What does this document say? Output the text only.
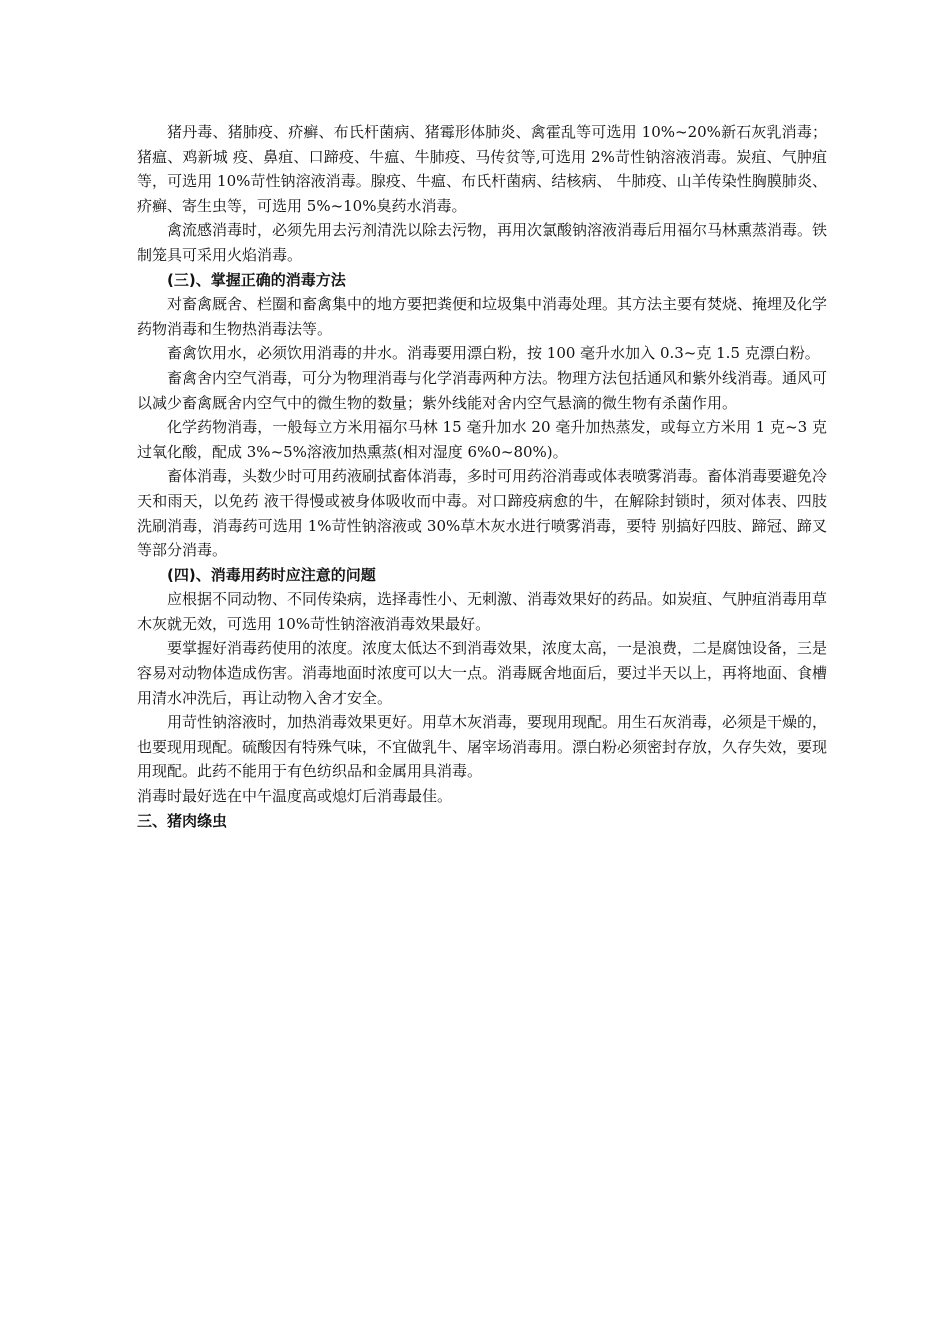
猪丹毒、猪肺疫、疥癣、布氏杆菌病、猪霉形体肺炎、禽霍乱等可选用 10%~20%新石灰乳消毒；猪瘟、鸡新城 疫、鼻疽、口蹄疫、牛瘟、牛肺疫、马传贫等,可选用 2%苛性钠溶液消毒。炭疽、气肿疽等，可选用 10%苛性钠溶液消毒。腺疫、牛瘟、布氏杆菌病、结核病、 牛肺疫、山羊传染性胸膜肺炎、疥癣、寄生虫等，可选用 5%~10%臭药水消毒。

禽流感消毒时，必须先用去污剂清洗以除去污物，再用次氯酸钠溶液消毒后用福尔马林熏蒸消毒。铁制笼具可采用火焰消毒。

(三)、掌握正确的消毒方法

对畜禽厩舍、栏圈和畜禽集中的地方要把粪便和垃圾集中消毒处理。其方法主要有焚烧、掩埋及化学药物消毒和生物热消毒法等。

畜禽饮用水，必须饮用消毒的井水。消毒要用漂白粉，按 100 毫升水加入 0.3~克 1.5 克漂白粉。

畜禽舍内空气消毒，可分为物理消毒与化学消毒两种方法。物理方法包括通风和紫外线消毒。通风可以减少畜禽厩舍内空气中的微生物的数量；紫外线能对舍内空气悬滴的微生物有杀菌作用。

化学药物消毒，一般每立方米用福尔马林 15 毫升加水 20 毫升加热蒸发，或每立方米用 1 克~3 克过氧化酸，配成 3%~5%溶液加热熏蒸(相对湿度 6%0~80%)。

畜体消毒，头数少时可用药液刷拭畜体消毒，多时可用药浴消毒或体表喷雾消毒。畜体消毒要避免冷天和雨天，以免药 液干得慢或被身体吸收而中毒。对口蹄疫病愈的牛，在解除封锁时，须对体表、四肢洗刷消毒，消毒药可选用 1%苛性钠溶液或 30%草木灰水进行喷雾消毒，要特 别搞好四肢、蹄冠、蹄叉等部分消毒。

(四)、消毒用药时应注意的问题

应根据不同动物、不同传染病，选择毒性小、无刺激、消毒效果好的药品。如炭疽、气肿疽消毒用草木灰就无效，可选用 10%苛性钠溶液消毒效果最好。

要掌握好消毒药使用的浓度。浓度太低达不到消毒效果，浓度太高，一是浪费，二是腐蚀设备，三是容易对动物体造成伤害。消毒地面时浓度可以大一点。消毒厩舍地面后，要过半天以上，再将地面、食槽用清水冲洗后，再让动物入舍才安全。

用苛性钠溶液时，加热消毒效果更好。用草木灰消毒，要现用现配。用生石灰消毒，必须是干燥的，也要现用现配。硫酸因有特殊气味，不宜做乳牛、屠宰场消毒用。漂白粉必须密封存放，久存失效，要现用现配。此药不能用于有色纺织品和金属用具消毒。

消毒时最好选在中午温度高或熄灯后消毒最佳。

三、猪肉绦虫
